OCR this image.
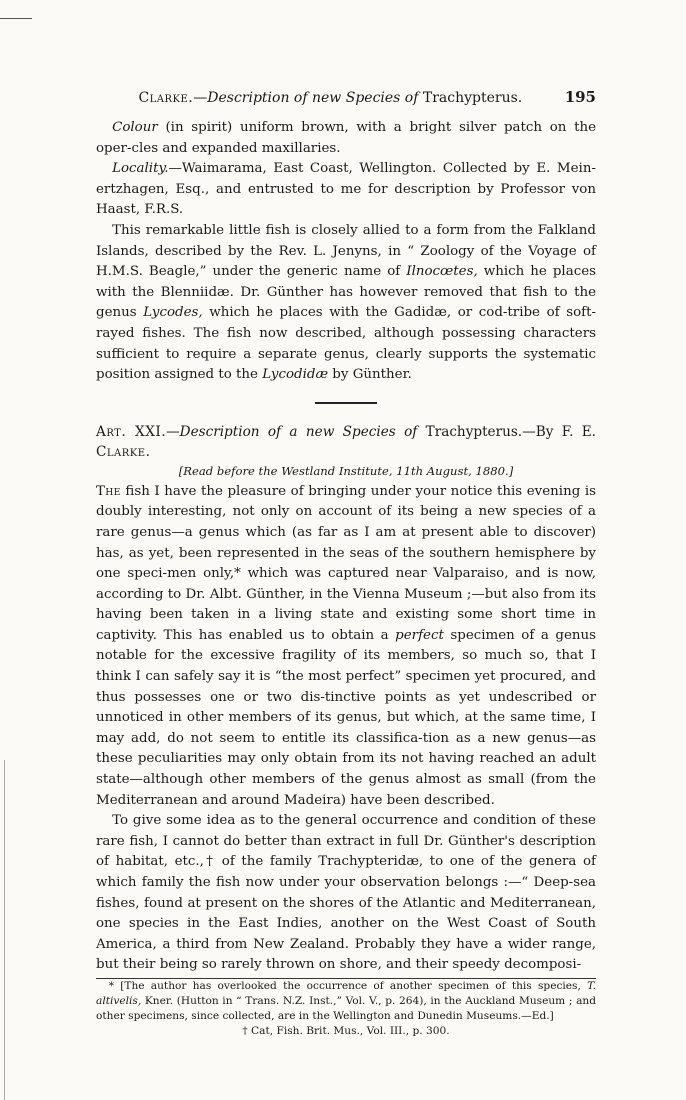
Clarke.—Description of new Species of Trachypterus.	195

Colour (in spirit) uniform brown, with a bright silver patch on the oper-cles and expanded maxillaries.

Locality.—Waimarama, East Coast, Wellington. Collected by E. Mein-ertzhagen, Esq., and entrusted to me for description by Professor von Haast, F.R.S.

This remarkable little fish is closely allied to a form from the Falkland Islands, described by the Rev. L. Jenyns, in “ Zoology of the Voyage of H.M.S. Beagle,” under the generic name of Ilnocœtes, which he places with the Blenniidæ. Dr. Günther has however removed that fish to the genus Lycodes, which he places with the Gadidæ, or cod-tribe of soft-rayed fishes. The fish now described, although possessing characters sufficient to require a separate genus, clearly supports the systematic position assigned to the Lycodidæ by Günther.

Art. XXI.—Description of a new Species of Trachypterus.—By F. E. Clarke.
[Read before the Westland Institute, 11th August, 1880.]

The fish I have the pleasure of bringing under your notice this evening is doubly interesting, not only on account of its being a new species of a rare genus—a genus which (as far as I am at present able to discover) has, as yet, been represented in the seas of the southern hemisphere by one speci-men only,* which was captured near Valparaiso, and is now, according to Dr. Albt. Günther, in the Vienna Museum ;—but also from its having been taken in a living state and existing some short time in captivity. This has enabled us to obtain a perfect specimen of a genus notable for the excessive fragility of its members, so much so, that I think I can safely say it is “the most perfect” specimen yet procured, and thus possesses one or two dis-tinctive points as yet undescribed or unnoticed in other members of its genus, but which, at the same time, I may add, do not seem to entitle its classifica-tion as a new genus—as these peculiarities may only obtain from its not having reached an adult state—although other members of the genus almost as small (from the Mediterranean and around Madeira) have been described.

To give some idea as to the general occurrence and condition of these rare fish, I cannot do better than extract in full Dr. Günther's description of habitat, etc.,† of the family Trachypteridæ, to one of the genera of which family the fish now under your observation belongs :—“ Deep-sea fishes, found at present on the shores of the Atlantic and Mediterranean, one species in the East Indies, another on the West Coast of South America, a third from New Zealand. Probably they have a wider range, but their being so rarely thrown on shore, and their speedy decomposi-

* [The author has overlooked the occurrence of another specimen of this species, T. altivelis, Kner. (Hutton in “ Trans. N.Z. Inst.,” Vol. V., p. 264), in the Auckland Museum ; and other specimens, since collected, are in the Wellington and Dunedin Museums.—Ed.]

† Cat, Fish. Brit. Mus., Vol. III., p. 300.
